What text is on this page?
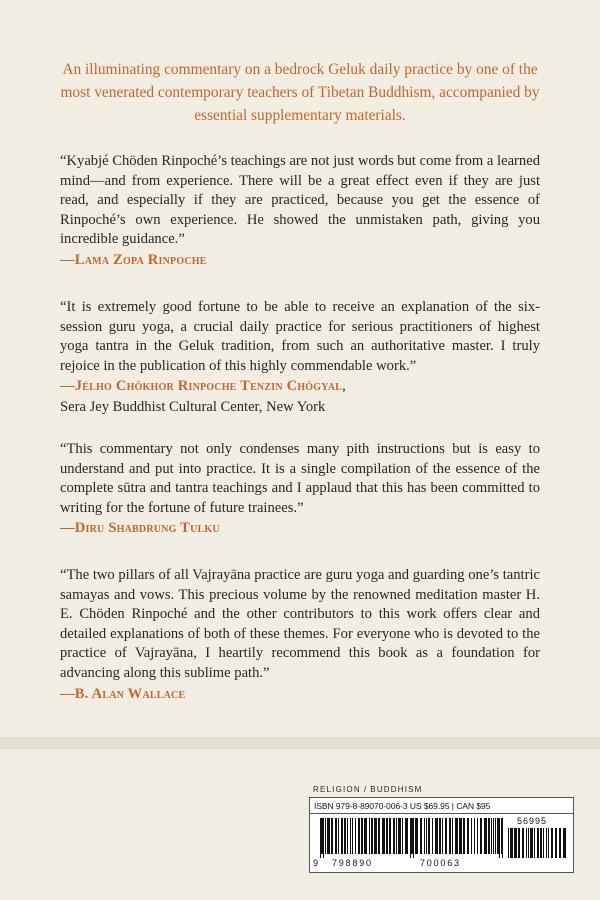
An illuminating commentary on a bedrock Geluk daily practice by one of the most venerated contemporary teachers of Tibetan Buddhism, accompanied by essential supplementary materials.

“Kyabjé Chöden Rinpoché’s teachings are not just words but come from a learned mind—and from experience. There will be a great effect even if they are just read, and especially if they are practiced, because you get the essence of Rinpoché’s own experience. He showed the unmistaken path, giving you incredible guidance.”

—Lama Zopa Rinpoche

“It is extremely good fortune to be able to receive an explanation of the six-session guru yoga, a crucial daily practice for serious practitioners of highest yoga tantra in the Geluk tradition, from such an authoritative master. I truly rejoice in the publication of this highly commendable work.”

—Jélho Chökhor Rinpoche Tenzin Chögyal,
Sera Jey Buddhist Cultural Center, New York

“This commentary not only condenses many pith instructions but is easy to understand and put into practice. It is a single compilation of the essence of the complete sūtra and tantra teachings and I applaud that this has been committed to writing for the fortune of future trainees.”

—Diru Shabdrung Tulku

“The two pillars of all Vajrayāna practice are guru yoga and guarding one’s tantric samayas and vows. This precious volume by the renowned meditation master H. E. Chöden Rinpoché and the other contributors to this work offers clear and detailed explanations of both of these themes. For everyone who is devoted to the practice of Vajrayāna, I heartily recommend this book as a foundation for advancing along this sublime path.”

—B. Alan Wallace
RELIGION / BUDDHISM
ISBN 979-8-89070-006-3 US $69.95 | CAN $95
56995
9 798890	700063
